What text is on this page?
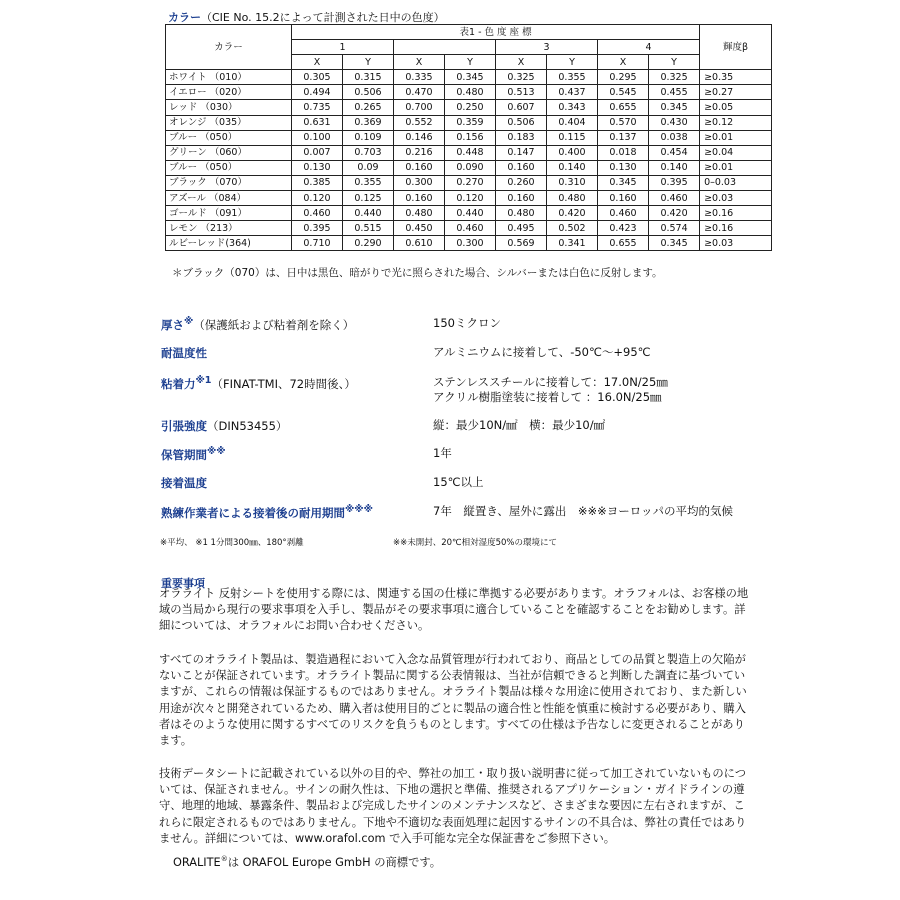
カラー（CIE No. 15.2によって計測された日中の色度）
カラー	表1 - 色 度 座 標								輝度β
	1				3		4		
	X	Y	X	Y	X	Y	X	Y	
ホワイト （010）	0.305	0.315	0.335	0.345	0.325	0.355	0.295	0.325	≥0.35
イエロー （020）	0.494	0.506	0.470	0.480	0.513	0.437	0.545	0.455	≥0.27
レッド （030）	0.735	0.265	0.700	0.250	0.607	0.343	0.655	0.345	≥0.05
オレンジ （035）	0.631	0.369	0.552	0.359	0.506	0.404	0.570	0.430	≥0.12
ブルー （050）	0.100	0.109	0.146	0.156	0.183	0.115	0.137	0.038	≥0.01
グリーン （060）	0.007	0.703	0.216	0.448	0.147	0.400	0.018	0.454	≥0.04
ブルー （050）	0.130	0.09	0.160	0.090	0.160	0.140	0.130	0.140	≥0.01
ブラック （070）	0.385	0.355	0.300	0.270	0.260	0.310	0.345	0.395	0–0.03
アズール （084）	0.120	0.125	0.160	0.120	0.160	0.480	0.160	0.460	≥0.03
ゴールド （091）	0.460	0.440	0.480	0.440	0.480	0.420	0.460	0.420	≥0.16
レモン （213）	0.395	0.515	0.450	0.460	0.495	0.502	0.423	0.574	≥0.16
ルビーレッド(364)	0.710	0.290	0.610	0.300	0.569	0.341	0.655	0.345	≥0.03
＊ブラック（070）は、日中は黒色、暗がりで光に照らされた場合、シルバーまたは白色に反射します。
厚さ※（保護紙および粘着剤を除く）	150ミクロン
耐温度性	アルミニウムに接着して、-50℃～+95℃
粘着力$^{※1}$（FINAT-TMI、72時間後、）	ステンレススチールに接着して：17.0N/25㎜
アクリル樹脂塗装に接着して ：16.0N/25㎜
引張強度（DIN53455）	縦：最少10N/㎟　横：最少10/㎟
保管期間※※	1年
接着温度	15℃以上
熟練作業者による接着後の耐用期間※※※	7年　縦置き、屋外に露出　※※※ヨーロッパの平均的気候
※平均、 ※1 1分間300㎜、180°剥離	※※未開封、20℃相対湿度50%の環境にて
重要事項
オラライト 反射シートを使用する際には、関連する国の仕様に準拠する必要があります。オラフォルは、お客様の地域の当局から現行の要求事項を入手し、製品がその要求事項に適合していることを確認することをお勧めします。詳細については、オラフォルにお問い合わせください。
すべてのオラライト製品は、製造過程において入念な品質管理が行われており、商品としての品質と製造上の欠陥がないことが保証されています。オラライト製品に関する公表情報は、当社が信頼できると判断した調査に基づいていますが、これらの情報は保証するものではありません。オラライト製品は様々な用途に使用されており、また新しい用途が次々と開発されているため、購入者は使用目的ごとに製品の適合性と性能を慎重に検討する必要があり、購入者はそのような使用に関するすべてのリスクを負うものとします。すべての仕様は予告なしに変更されることがあります。
技術データシートに記載されている以外の目的や、弊社の加工・取り扱い説明書に従って加工されていないものについては、保証されません。サインの耐久性は、下地の選択と準備、推奨されるアプリケーション・ガイドラインの遵守、地理的地域、暴露条件、製品および完成したサインのメンテナンスなど、さまざまな要因に左右されますが、これらに限定されるものではありません。下地や不適切な表面処理に起因するサインの不具合は、弊社の責任ではありません。詳細については、www.orafol.com で入手可能な完全な保証書をご参照下さい。
ORALITE®は ORAFOL Europe GmbH の商標です。
